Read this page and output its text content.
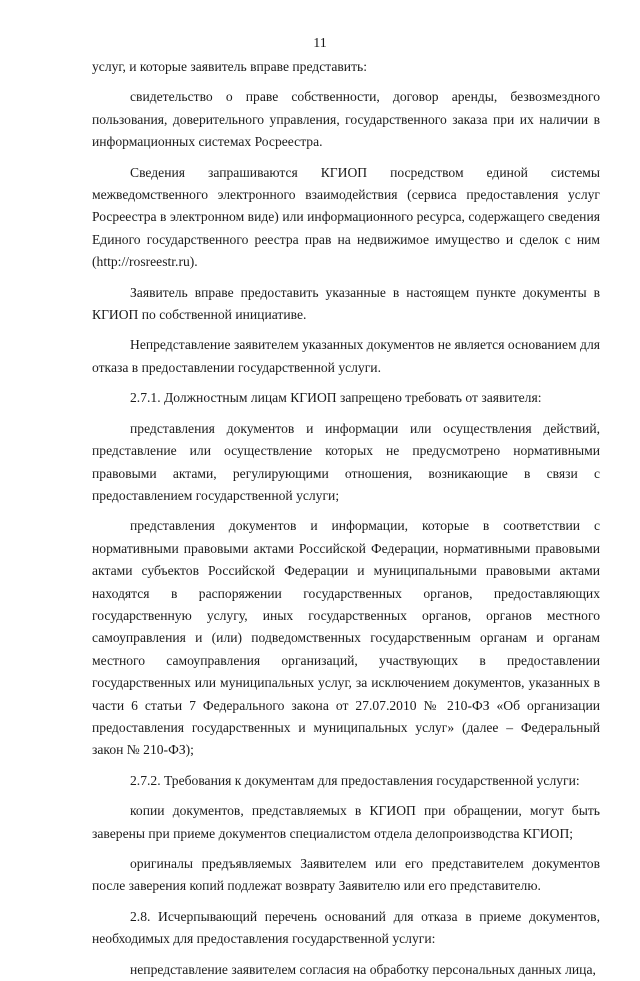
11

услуг, и которые заявитель вправе представить:

свидетельство о праве собственности, договор аренды, безвозмездного пользования, доверительного управления, государственного заказа при их наличии в информационных системах Росреестра.

Сведения запрашиваются КГИОП посредством единой системы межведомственного электронного взаимодействия (сервиса предоставления услуг Росреестра в электронном виде) или информационного ресурса, содержащего сведения Единого государственного реестра прав на недвижимое имущество и сделок с ним (http://rosreestr.ru).

Заявитель вправе предоставить указанные в настоящем пункте документы в КГИОП по собственной инициативе.

Непредставление заявителем указанных документов не является основанием для отказа в предоставлении государственной услуги.

2.7.1. Должностным лицам КГИОП запрещено требовать от заявителя:

представления документов и информации или осуществления действий, представление или осуществление которых не предусмотрено нормативными правовыми актами, регулирующими отношения, возникающие в связи с предоставлением государственной услуги;

представления документов и информации, которые в соответствии с нормативными правовыми актами Российской Федерации, нормативными правовыми актами субъектов Российской Федерации и муниципальными правовыми актами находятся в распоряжении государственных органов, предоставляющих государственную услугу, иных государственных органов, органов местного самоуправления и (или) подведомственных государственным органам и органам местного самоуправления организаций, участвующих в предоставлении государственных или муниципальных услуг, за исключением документов, указанных в части 6 статьи 7 Федерального закона от 27.07.2010 № 210-ФЗ «Об организации предоставления государственных и муниципальных услуг» (далее – Федеральный закон № 210-ФЗ);

2.7.2. Требования к документам для предоставления государственной услуги:

копии документов, представляемых в КГИОП при обращении, могут быть заверены при приеме документов специалистом отдела делопроизводства КГИОП;

оригиналы предъявляемых Заявителем или его представителем документов после заверения копий подлежат возврату Заявителю или его представителю.

2.8. Исчерпывающий перечень оснований для отказа в приеме документов, необходимых для предоставления государственной услуги:

непредставление заявителем согласия на обработку персональных данных лица,
